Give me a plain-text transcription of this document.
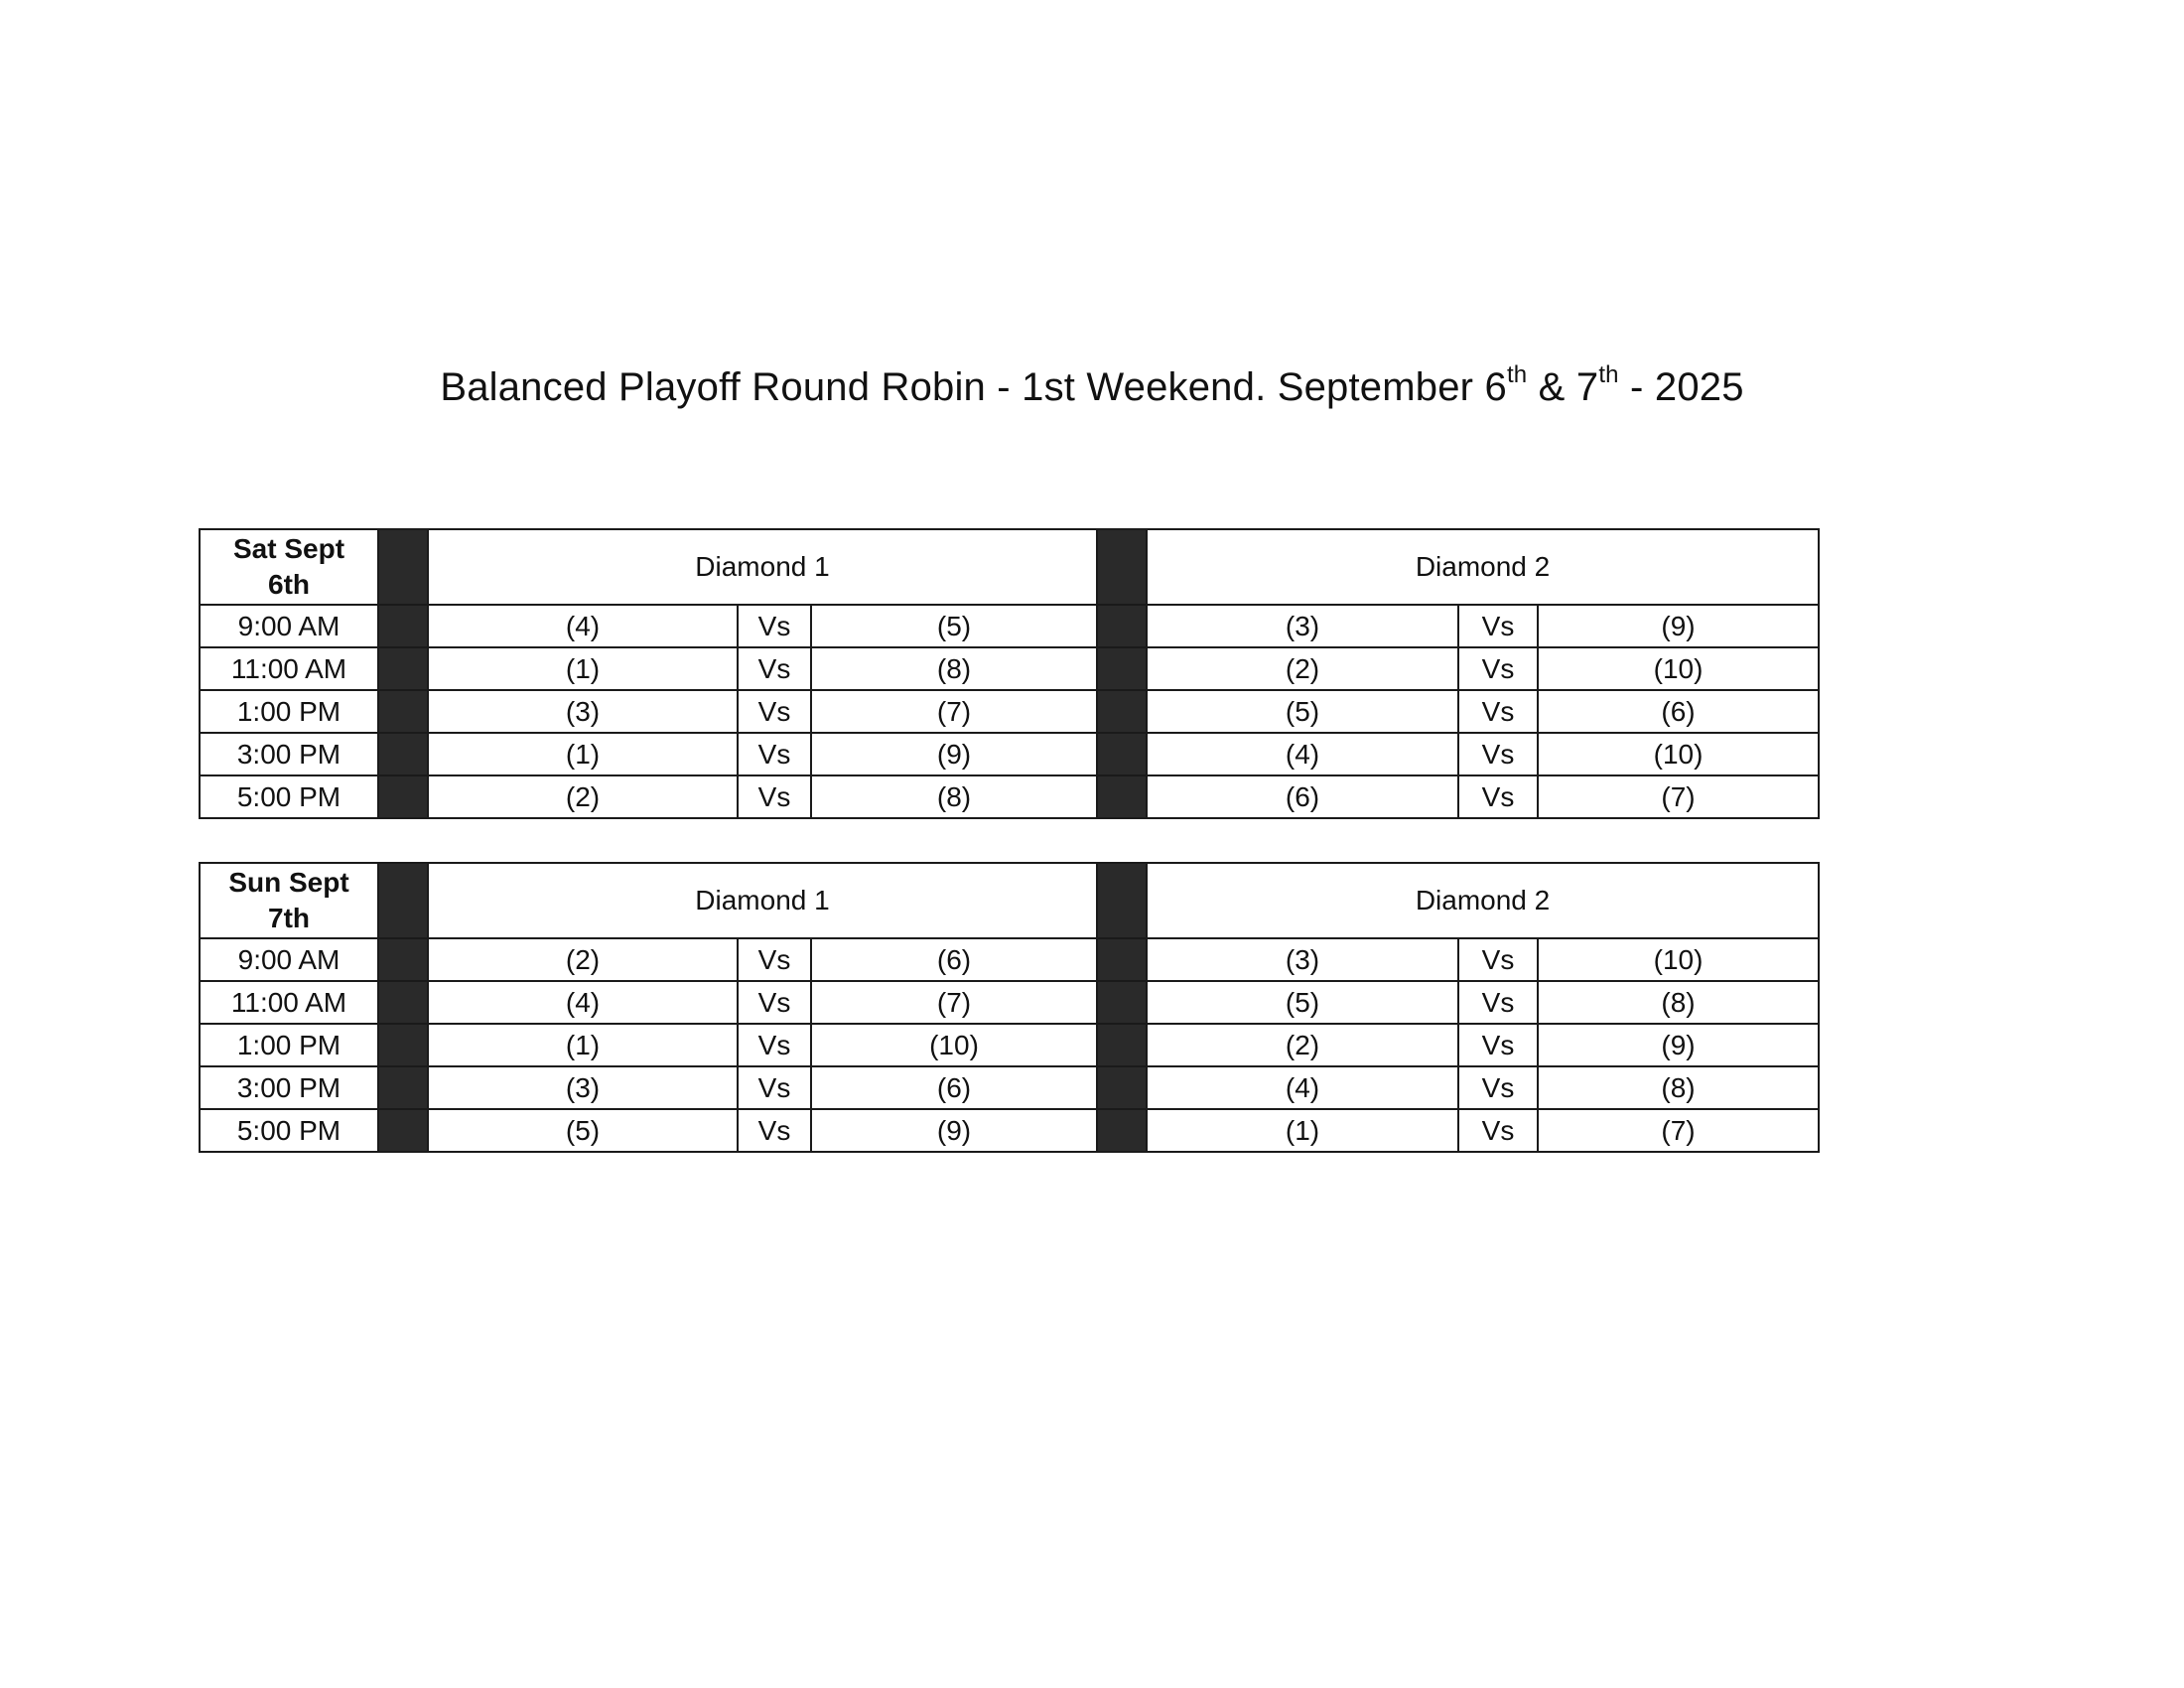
Balanced Playoff Round Robin - 1st Weekend. September 6th & 7th - 2025
Sat Sept
6th		Diamond 1				Diamond 2		
9:00 AM		(4)	Vs	(5)		(3)	Vs	(9)
11:00 AM		(1)	Vs	(8)		(2)	Vs	(10)
1:00 PM		(3)	Vs	(7)		(5)	Vs	(6)
3:00 PM		(1)	Vs	(9)		(4)	Vs	(10)
5:00 PM		(2)	Vs	(8)		(6)	Vs	(7)
Sun Sept
7th		Diamond 1				Diamond 2		
9:00 AM		(2)	Vs	(6)		(3)	Vs	(10)
11:00 AM		(4)	Vs	(7)		(5)	Vs	(8)
1:00 PM		(1)	Vs	(10)		(2)	Vs	(9)
3:00 PM		(3)	Vs	(6)		(4)	Vs	(8)
5:00 PM		(5)	Vs	(9)		(1)	Vs	(7)
